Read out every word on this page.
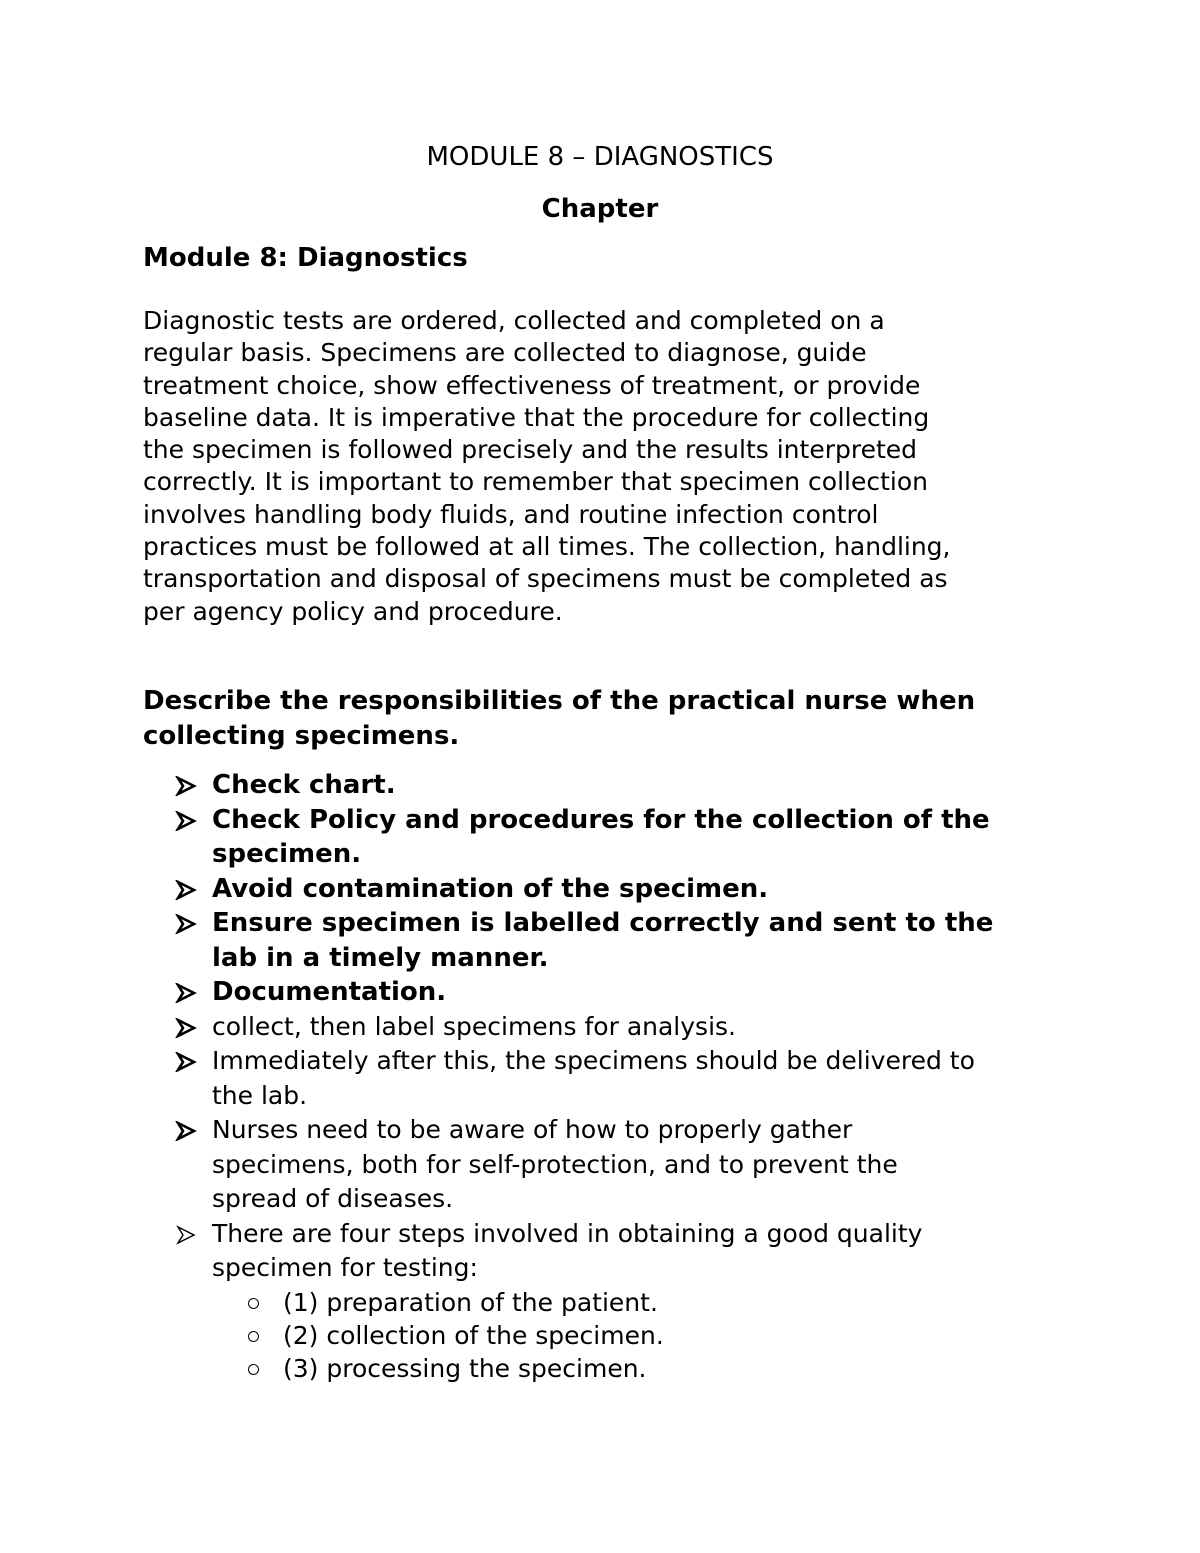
MODULE 8 – DIAGNOSTICS
Chapter
Module 8: Diagnostics

Diagnostic tests are ordered, collected and completed on a
regular basis. Specimens are collected to diagnose, guide
treatment choice, show effectiveness of treatment, or provide
baseline data. It is imperative that the procedure for collecting
the specimen is followed precisely and the results interpreted
correctly. It is important to remember that specimen collection
involves handling body fluids, and routine infection control
practices must be followed at all times. The collection, handling,
transportation and disposal of specimens must be completed as
per agency policy and procedure.

Describe the responsibilities of the practical nurse when
collecting specimens.
Check chart.
Check Policy and procedures for the collection of the
specimen.
Avoid contamination of the specimen.
Ensure specimen is labelled correctly and sent to the
lab in a timely manner.
Documentation.
collect, then label specimens for analysis.
Immediately after this, the specimens should be delivered to
the lab.
Nurses need to be aware of how to properly gather
specimens, both for self-protection, and to prevent the
spread of diseases.
There are four steps involved in obtaining a good quality
specimen for testing:
(1) preparation of the patient.
(2) collection of the specimen.
(3) processing the specimen.
